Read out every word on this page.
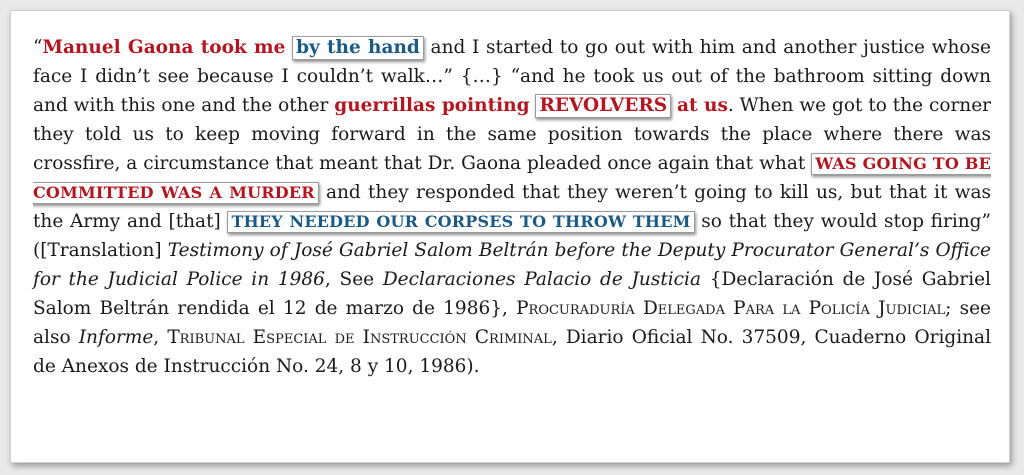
“Manuel Gaona took me by the hand and I started to go out with him and another justice whose face I didn’t see because I couldn’t walk…” {…} “and he took us out of the bathroom sitting down and with this one and the other guerrillas pointing REVOLVERS at us. When we got to the corner they told us to keep moving forward in the same position towards the place where there was crossfire, a circumstance that meant that Dr. Gaona pleaded once again that what WAS GOING TO BE COMMITTED WAS A MURDER and they responded that they weren’t going to kill us, but that it was the Army and [that] THEY NEEDED OUR CORPSES TO THROW THEM so that they would stop firing” ([Translation] Testimony of José Gabriel Salom Beltrán before the Deputy Procurator General’s Office for the Judicial Police in 1986, See Declaraciones Palacio de Justicia {Declaración de José Gabriel Salom Beltrán rendida el 12 de marzo de 1986}, Procuraduría Delegada Para la Policía Judicial; see also Informe, Tribunal Especial de Instrucción Criminal, Diario Oficial No. 37509, Cuaderno Original de Anexos de Instrucción No. 24, 8 y 10, 1986).
